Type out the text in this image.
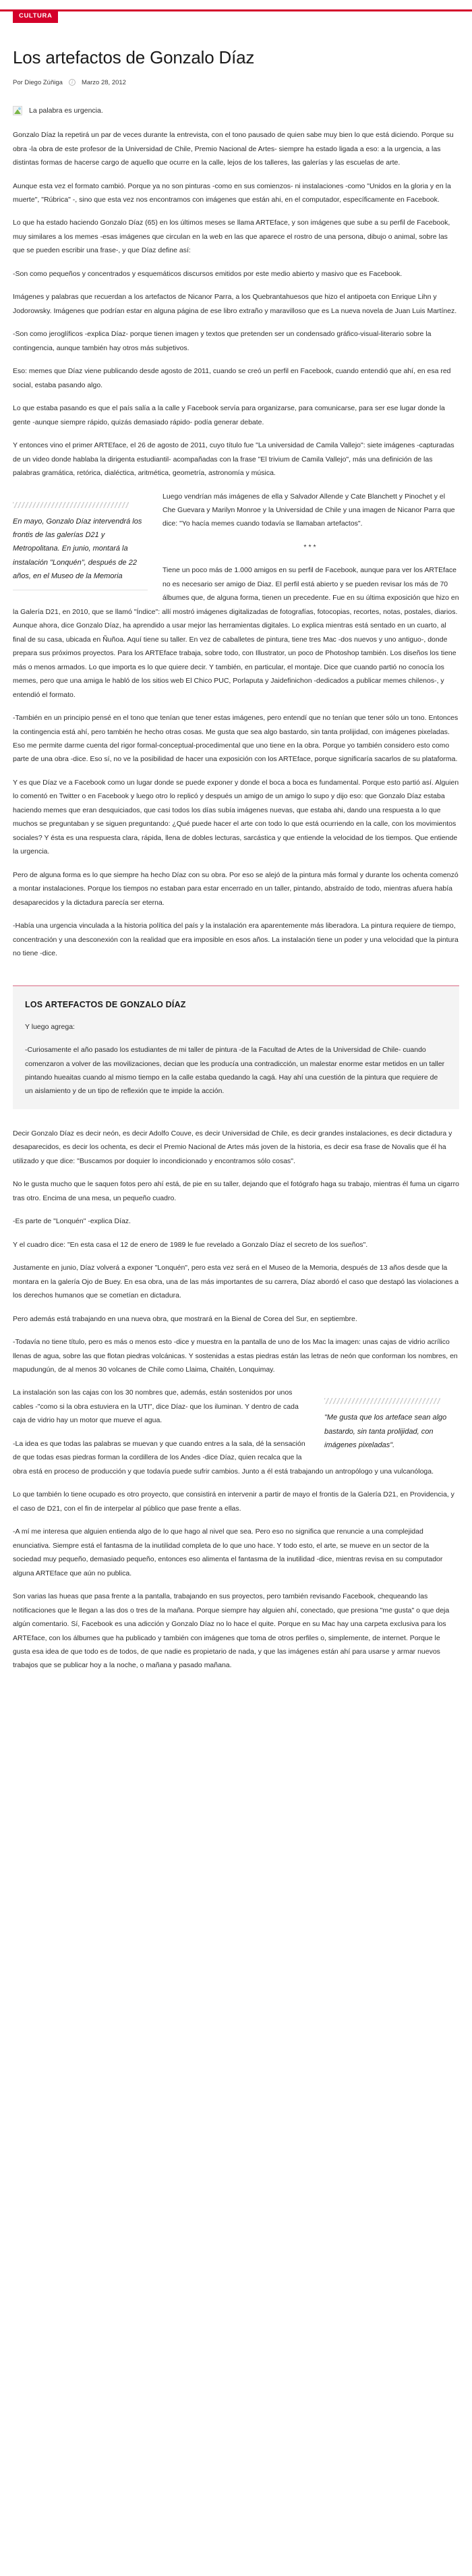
CULTURA
Los artefactos de Gonzalo Díaz
Por Diego Zúñiga	i	Marzo 28, 2012
La palabra es urgencia.

Gonzalo Díaz la repetirá un par de veces durante la entrevista, con el tono pausado de quien sabe muy bien lo que está diciendo. Porque su obra -la obra de este profesor de la Universidad de Chile, Premio Nacional de Artes- siempre ha estado ligada a eso: a la urgencia, a las distintas formas de hacerse cargo de aquello que ocurre en la calle, lejos de los talleres, las galerías y las escuelas de arte.

Aunque esta vez el formato cambió. Porque ya no son pinturas -como en sus comienzos- ni instalaciones -como "Unidos en la gloria y en la muerte", "Rúbrica" -, sino que esta vez nos encontramos con imágenes que están ahi, en el computador, específicamente en Facebook.

Lo que ha estado haciendo Gonzalo Díaz (65) en los últimos meses se llama ARTEface, y son imágenes que sube a su perfil de Facebook, muy similares a los memes -esas imágenes que circulan en la web en las que aparece el rostro de una persona, dibujo o animal, sobre las que se pueden escribir una frase-, y que Díaz define así:

-Son como pequeños y concentrados y esquemáticos discursos emitidos por este medio abierto y masivo que es Facebook.

Imágenes y palabras que recuerdan a los artefactos de Nicanor Parra, a los Quebrantahuesos que hizo el antipoeta con Enrique Lihn y Jodorowsky. Imágenes que podrían estar en alguna página de ese libro extraño y maravilloso que es La nueva novela de Juan Luis Martínez.

-Son como jeroglíficos -explica Díaz- porque tienen imagen y textos que pretenden ser un condensado gráfico-visual-literario sobre la contingencia, aunque también hay otros más subjetivos.

Eso: memes que Díaz viene publicando desde agosto de 2011, cuando se creó un perfil en Facebook, cuando entendió que ahí, en esa red social, estaba pasando algo.

Lo que estaba pasando es que el país salía a la calle y Facebook servía para organizarse, para comunicarse, para ser ese lugar donde la gente -aunque siempre rápido, quizás demasiado rápido- podía generar debate.

Y entonces vino el primer ARTEface, el 26 de agosto de 2011, cuyo título fue "La universidad de Camila Vallejo": siete imágenes -capturadas de un video donde hablaba la dirigenta estudiantil- acompañadas con la frase "El trivium de Camila Vallejo", más una definición de las palabras gramática, retórica, dialéctica, aritmética, geometría, astronomía y música.

En mayo, Gonzalo Díaz intervendrá los frontis de las galerías D21 y Metropolitana. En junio, montará la instalación "Lonquén", después de 22 años, en el Museo de la Memoria

Luego vendrían más imágenes de ella y Salvador Allende y Cate Blanchett y Pinochet y el Che Guevara y Marilyn Monroe y la Universidad de Chile y una imagen de Nicanor Parra que dice: "Yo hacía memes cuando todavía se llamaban artefactos".

***

Tiene un poco más de 1.000 amigos en su perfil de Facebook, aunque para ver los ARTEface no es necesario ser amigo de Diaz. El perfil está abierto y se pueden revisar los más de 70 álbumes que, de alguna forma, tienen un precedente. Fue en su última exposición que hizo en la Galería D21, en 2010, que se llamó "Índice": allí mostró imágenes digitalizadas de fotografías, fotocopias, recortes, notas, postales, diarios. Aunque ahora, dice Gonzalo Díaz, ha aprendido a usar mejor las herramientas digitales. Lo explica mientras está sentado en un cuarto, al final de su casa, ubicada en Ñuñoa. Aquí tiene su taller. En vez de caballetes de pintura, tiene tres Mac -dos nuevos y uno antiguo-, donde prepara sus próximos proyectos. Para los ARTEface trabaja, sobre todo, con Illustrator, un poco de Photoshop también. Los diseños los tiene más o menos armados. Lo que importa es lo que quiere decir. Y también, en particular, el montaje. Dice que cuando partió no conocía los memes, pero que una amiga le habló de los sitios web El Chico PUC, Porlaputa y Jaidefinichon -dedicados a publicar memes chilenos-, y entendió el formato.

-También en un principio pensé en el tono que tenían que tener estas imágenes, pero entendí que no tenían que tener sólo un tono. Entonces la contingencia está ahí, pero también he hecho otras cosas. Me gusta que sea algo bastardo, sin tanta prolijidad, con imágenes pixeladas. Eso me permite darme cuenta del rigor formal-conceptual-procedimental que uno tiene en la obra. Porque yo también considero esto como parte de una obra -dice. Eso sí, no ve la posibilidad de hacer una exposición con los ARTEface, porque significaría sacarlos de su plataforma.

Y es que Díaz ve a Facebook como un lugar donde se puede exponer y donde el boca a boca es fundamental. Porque esto partió así. Alguien lo comentó en Twitter o en Facebook y luego otro lo replicó y después un amigo de un amigo lo supo y dijo eso: que Gonzalo Díaz estaba haciendo memes que eran desquiciados, que casi todos los días subía imágenes nuevas, que estaba ahi, dando una respuesta a lo que muchos se preguntaban y se siguen preguntando: ¿Qué puede hacer el arte con todo lo que está ocurriendo en la calle, con los movimientos sociales? Y ésta es una respuesta clara, rápida, llena de dobles lecturas, sarcástica y que entiende la velocidad de los tiempos. Que entiende la urgencia.

Pero de alguna forma es lo que siempre ha hecho Díaz con su obra. Por eso se alejó de la pintura más formal y durante los ochenta comenzó a montar instalaciones. Porque los tiempos no estaban para estar encerrado en un taller, pintando, abstraído de todo, mientras afuera había desaparecidos y la dictadura parecía ser eterna.

-Había una urgencia vinculada a la historia política del país y la instalación era aparentemente más liberadora. La pintura requiere de tiempo, concentración y una desconexión con la realidad que era imposible en esos años. La instalación tiene un poder y una velocidad que la pintura no tiene -dice.

LOS ARTEFACTOS DE GONZALO DÍAZ

Y luego agrega:

-Curiosamente el año pasado los estudiantes de mi taller de pintura -de la Facultad de Artes de la Universidad de Chile- cuando comenzaron a volver de las movilizaciones, decian que les producía una contradicción, un malestar enorme estar metidos en un taller pintando hueaitas cuando al mismo tiempo en la calle estaba quedando la cagá. Hay ahí una cuestión de la pintura que requiere de un aislamiento y de un tipo de reflexión que te impide la acción.

Decir Gonzalo Díaz es decir neón, es decir Adolfo Couve, es decir Universidad de Chile, es decir grandes instalaciones, es decir dictadura y desaparecidos, es decir los ochenta, es decir el Premio Nacional de Artes más joven de la historia, es decir esa frase de Novalis que él ha utilizado y que dice: "Buscamos por doquier lo incondicionado y encontramos sólo cosas".

No le gusta mucho que le saquen fotos pero ahí está, de pie en su taller, dejando que el fotógrafo haga su trabajo, mientras él fuma un cigarro tras otro. Encima de una mesa, un pequeño cuadro.

-Es parte de "Lonquén" -explica Díaz.

Y el cuadro dice: "En esta casa el 12 de enero de 1989 le fue revelado a Gonzalo Díaz el secreto de los sueños".

Justamente en junio, Díaz volverá a exponer "Lonquén", pero esta vez será en el Museo de la Memoria, después de 13 años desde que la montara en la galería Ojo de Buey. En esa obra, una de las más importantes de su carrera, Díaz abordó el caso que destapó las violaciones a los derechos humanos que se cometían en dictadura.

Pero además está trabajando en una nueva obra, que mostrará en la Bienal de Corea del Sur, en septiembre.

-Todavía no tiene título, pero es más o menos esto -dice y muestra en la pantalla de uno de los Mac la imagen: unas cajas de vidrio acrílico llenas de agua, sobre las que flotan piedras volcánicas. Y sostenidas a estas piedras están las letras de neón que conforman los nombres, en mapudungún, de al menos 30 volcanes de Chile como Llaima, Chaitén, Lonquimay.

"Me gusta que los arteface sean algo bastardo, sin tanta prolijidad, con imágenes pixeladas".

La instalación son las cajas con los 30 nombres que, además, están sostenidos por unos cables -"como si la obra estuviera en la UTI", dice Díaz- que los iluminan. Y dentro de cada caja de vidrio hay un motor que mueve el agua.

-La idea es que todas las palabras se muevan y que cuando entres a la sala, dé la sensación de que todas esas piedras forman la cordillera de los Andes -dice Díaz, quien recalca que la obra está en proceso de producción y que todavía puede sufrir cambios. Junto a él está trabajando un antropólogo y una vulcanóloga.

Lo que también lo tiene ocupado es otro proyecto, que consistirá en intervenir a partir de mayo el frontis de la Galería D21, en Providencia, y el caso de D21, con el fin de interpelar al público que pase frente a ellas.

-A mí me interesa que alguien entienda algo de lo que hago al nivel que sea. Pero eso no significa que renuncie a una complejidad enunciativa. Siempre está el fantasma de la inutilidad completa de lo que uno hace. Y todo esto, el arte, se mueve en un sector de la sociedad muy pequeño, demasiado pequeño, entonces eso alimenta el fantasma de la inutilidad -dice, mientras revisa en su computador alguna ARTEface que aún no publica.

Son varias las hueas que pasa frente a la pantalla, trabajando en sus proyectos, pero también revisando Facebook, chequeando las notificaciones que le llegan a las dos o tres de la mañana. Porque siempre hay alguien ahí, conectado, que presiona "me gusta" o que deja algún comentario. Sí, Facebook es una adicción y Gonzalo Díaz no lo hace el quite. Porque en su Mac hay una carpeta exclusiva para los ARTEface, con los álbumes que ha publicado y también con imágenes que toma de otros perfiles o, simplemente, de internet. Porque le gusta esa idea de que todo es de todos, de que nadie es propietario de nada, y que las imágenes están ahí para usarse y armar nuevos trabajos que se publicar hoy a la noche, o mañana y pasado mañana.
